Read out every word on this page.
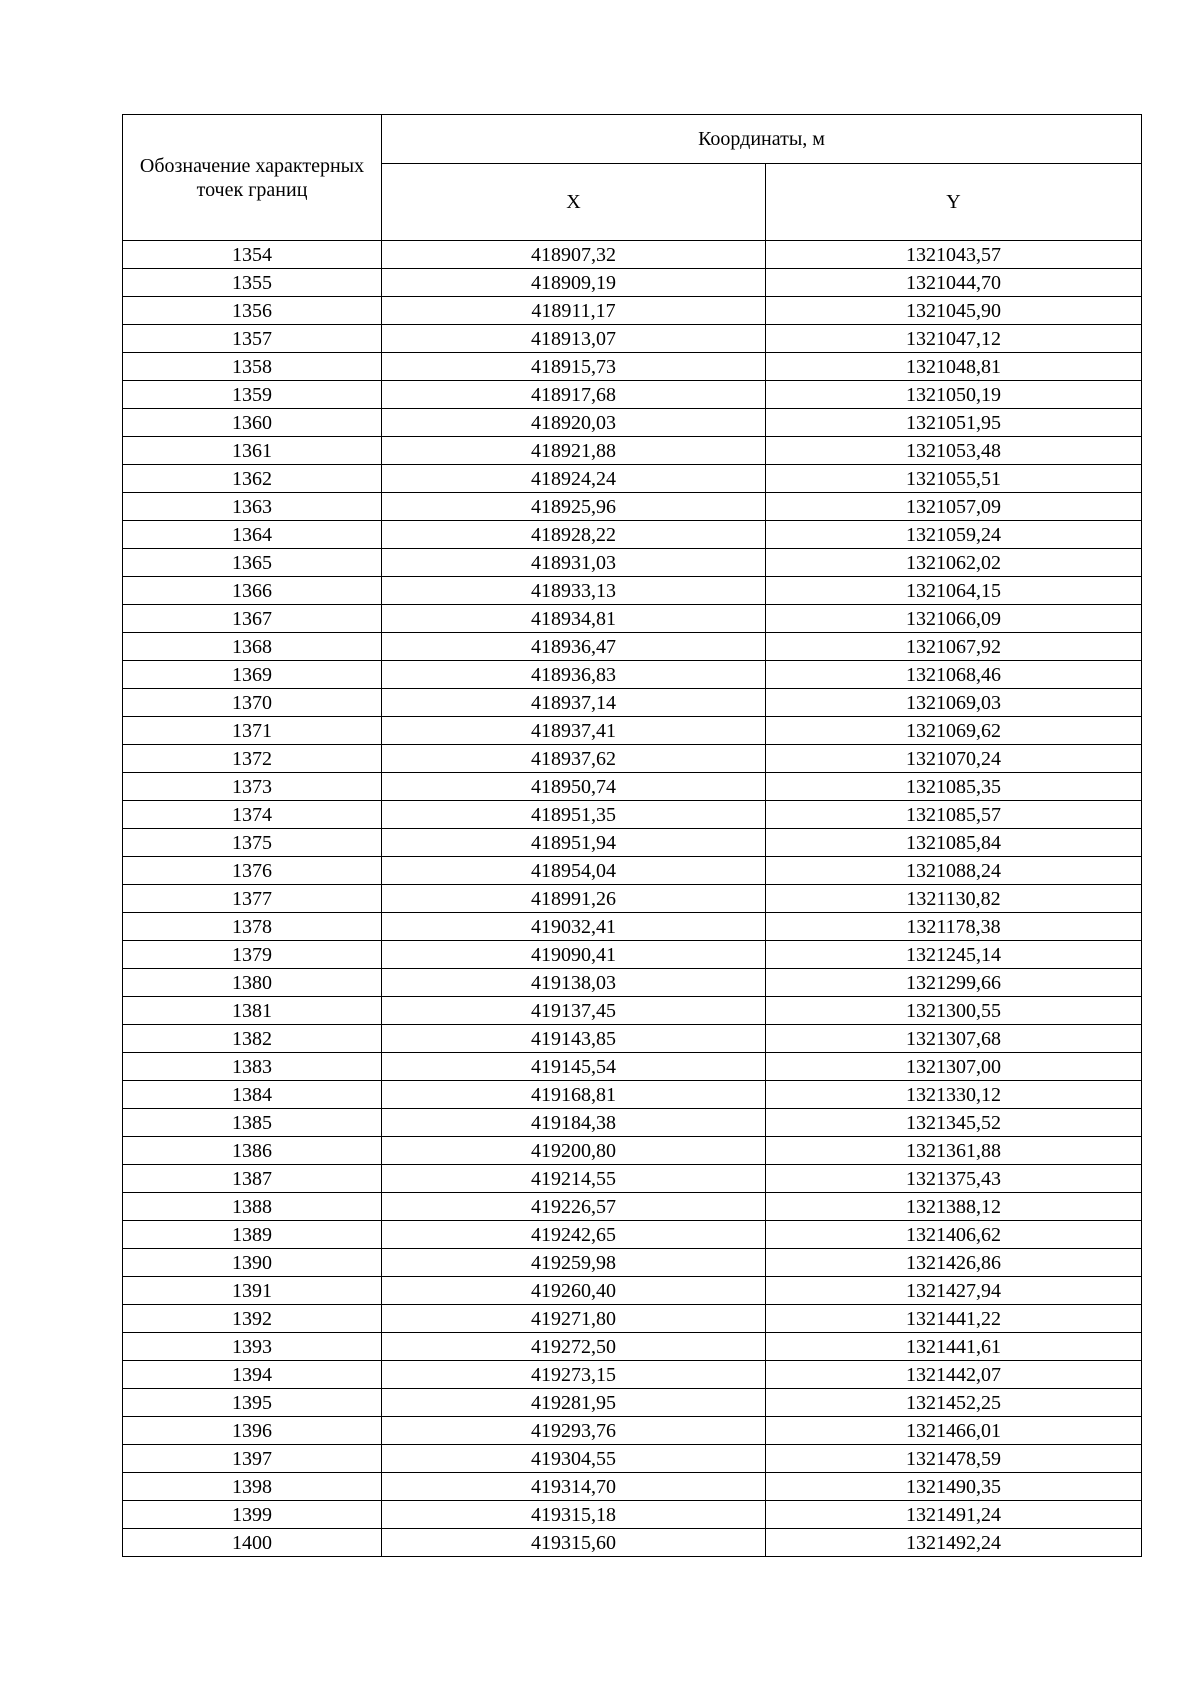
Обозначение характерных точек границ	Координаты, м	
	X	Y
1354	418907,32	1321043,57
1355	418909,19	1321044,70
1356	418911,17	1321045,90
1357	418913,07	1321047,12
1358	418915,73	1321048,81
1359	418917,68	1321050,19
1360	418920,03	1321051,95
1361	418921,88	1321053,48
1362	418924,24	1321055,51
1363	418925,96	1321057,09
1364	418928,22	1321059,24
1365	418931,03	1321062,02
1366	418933,13	1321064,15
1367	418934,81	1321066,09
1368	418936,47	1321067,92
1369	418936,83	1321068,46
1370	418937,14	1321069,03
1371	418937,41	1321069,62
1372	418937,62	1321070,24
1373	418950,74	1321085,35
1374	418951,35	1321085,57
1375	418951,94	1321085,84
1376	418954,04	1321088,24
1377	418991,26	1321130,82
1378	419032,41	1321178,38
1379	419090,41	1321245,14
1380	419138,03	1321299,66
1381	419137,45	1321300,55
1382	419143,85	1321307,68
1383	419145,54	1321307,00
1384	419168,81	1321330,12
1385	419184,38	1321345,52
1386	419200,80	1321361,88
1387	419214,55	1321375,43
1388	419226,57	1321388,12
1389	419242,65	1321406,62
1390	419259,98	1321426,86
1391	419260,40	1321427,94
1392	419271,80	1321441,22
1393	419272,50	1321441,61
1394	419273,15	1321442,07
1395	419281,95	1321452,25
1396	419293,76	1321466,01
1397	419304,55	1321478,59
1398	419314,70	1321490,35
1399	419315,18	1321491,24
1400	419315,60	1321492,24
